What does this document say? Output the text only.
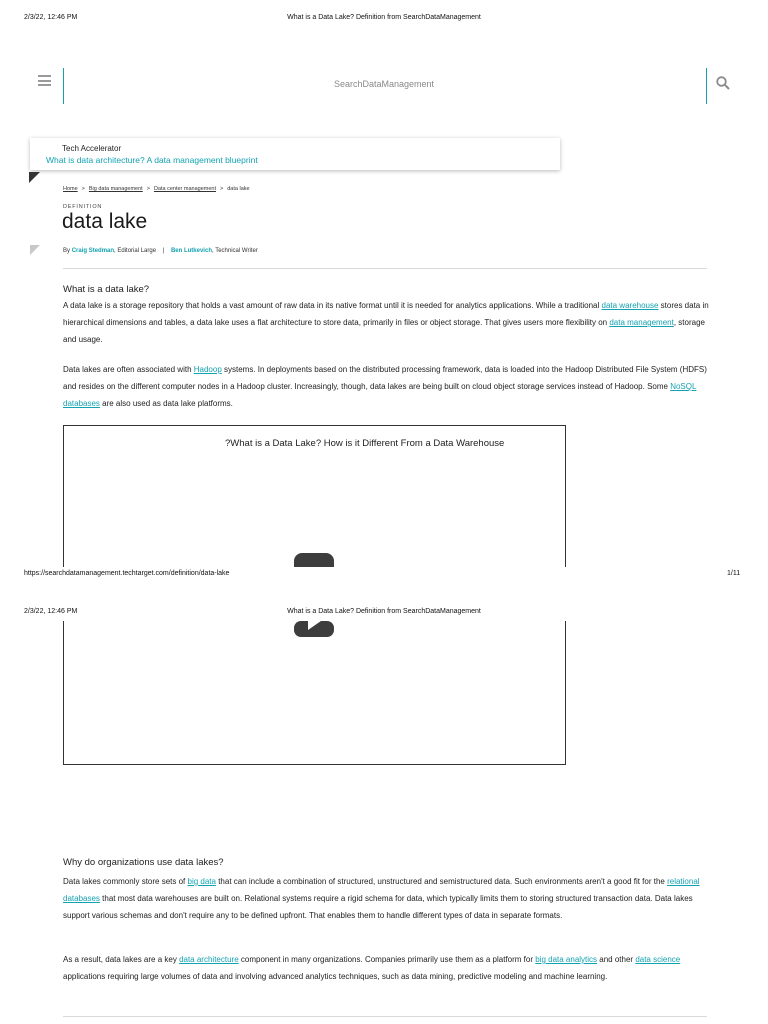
2/3/22, 12:46 PM	What is a Data Lake? Definition from SearchDataManagement
SearchDataManagement
Tech Accelerator
What is data architecture? A data management blueprint
Home > Big data management > Data center management > data lake
DEFINITION
data lake
By Craig Stedman, Editorial Large | Ben Lutkevich, Technical Writer
What is a data lake?
A data lake is a storage repository that holds a vast amount of raw data in its native format until it is needed for analytics applications. While a traditional data warehouse stores data in hierarchical dimensions and tables, a data lake uses a flat architecture to store data, primarily in files or object storage. That gives users more flexibility on data management, storage and usage.
Data lakes are often associated with Hadoop systems. In deployments based on the distributed processing framework, data is loaded into the Hadoop Distributed File System (HDFS) and resides on the different computer nodes in a Hadoop cluster. Increasingly, though, data lakes are being built on cloud object storage services instead of Hadoop. Some NoSQL databases are also used as data lake platforms.
?What is a Data Lake? How is it Different From a Data Warehouse
https://searchdatamanagement.techtarget.com/definition/data-lake	1/11
2/3/22, 12:46 PM	What is a Data Lake? Definition from SearchDataManagement
Why do organizations use data lakes?
Data lakes commonly store sets of big data that can include a combination of structured, unstructured and semistructured data. Such environments aren't a good fit for the relational databases that most data warehouses are built on. Relational systems require a rigid schema for data, which typically limits them to storing structured transaction data. Data lakes support various schemas and don't require any to be defined upfront. That enables them to handle different types of data in separate formats.
As a result, data lakes are a key data architecture component in many organizations. Companies primarily use them as a platform for big data analytics and other data science applications requiring large volumes of data and involving advanced analytics techniques, such as data mining, predictive modeling and machine learning.
